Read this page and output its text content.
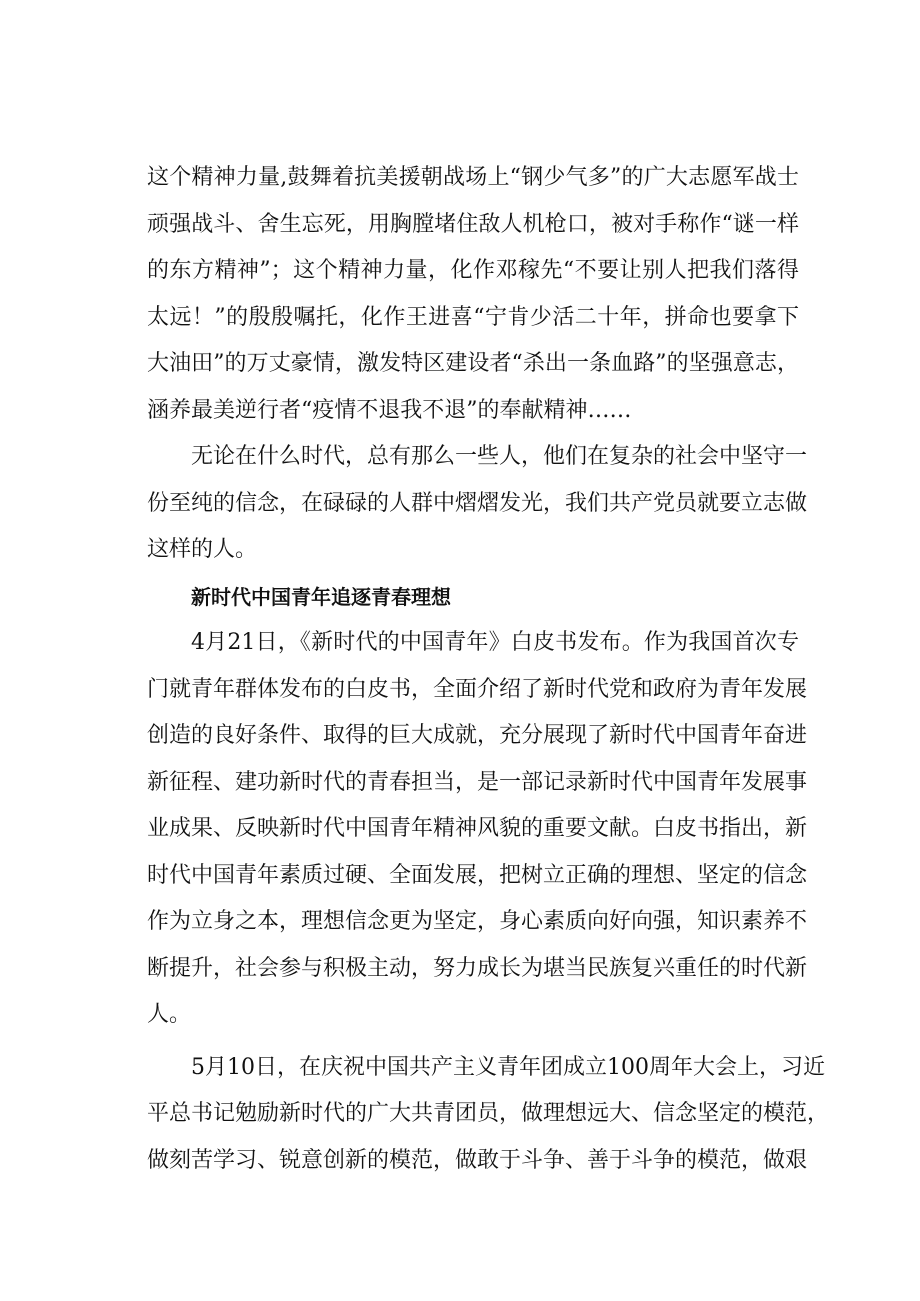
这个精神力量,鼓舞着抗美援朝战场上“钢少气多”的广大志愿军战士
顽强战斗、舍生忘死，用胸膛堵住敌人机枪口，被对手称作“谜一样
的东方精神”；这个精神力量，化作邓稼先“不要让别人把我们落得
太远！”的殷殷嘱托，化作王进喜“宁肯少活二十年，拼命也要拿下
大油田”的万丈豪情，激发特区建设者“杀出一条血路”的坚强意志，
涵养最美逆行者“疫情不退我不退”的奉献精神……
无论在什么时代，总有那么一些人，他们在复杂的社会中坚守一
份至纯的信念，在碌碌的人群中熠熠发光，我们共产党员就要立志做
这样的人。
新时代中国青年追逐青春理想
4月21日，《新时代的中国青年》白皮书发布。作为我国首次专
门就青年群体发布的白皮书，全面介绍了新时代党和政府为青年发展
创造的良好条件、取得的巨大成就，充分展现了新时代中国青年奋进
新征程、建功新时代的青春担当，是一部记录新时代中国青年发展事
业成果、反映新时代中国青年精神风貌的重要文献。白皮书指出，新
时代中国青年素质过硬、全面发展，把树立正确的理想、坚定的信念
作为立身之本，理想信念更为坚定，身心素质向好向强，知识素养不
断提升，社会参与积极主动，努力成长为堪当民族复兴重任的时代新
人。
5月10日，在庆祝中国共产主义青年团成立100周年大会上，习近
平总书记勉励新时代的广大共青团员，做理想远大、信念坚定的模范，
做刻苦学习、锐意创新的模范，做敢于斗争、善于斗争的模范，做艰
